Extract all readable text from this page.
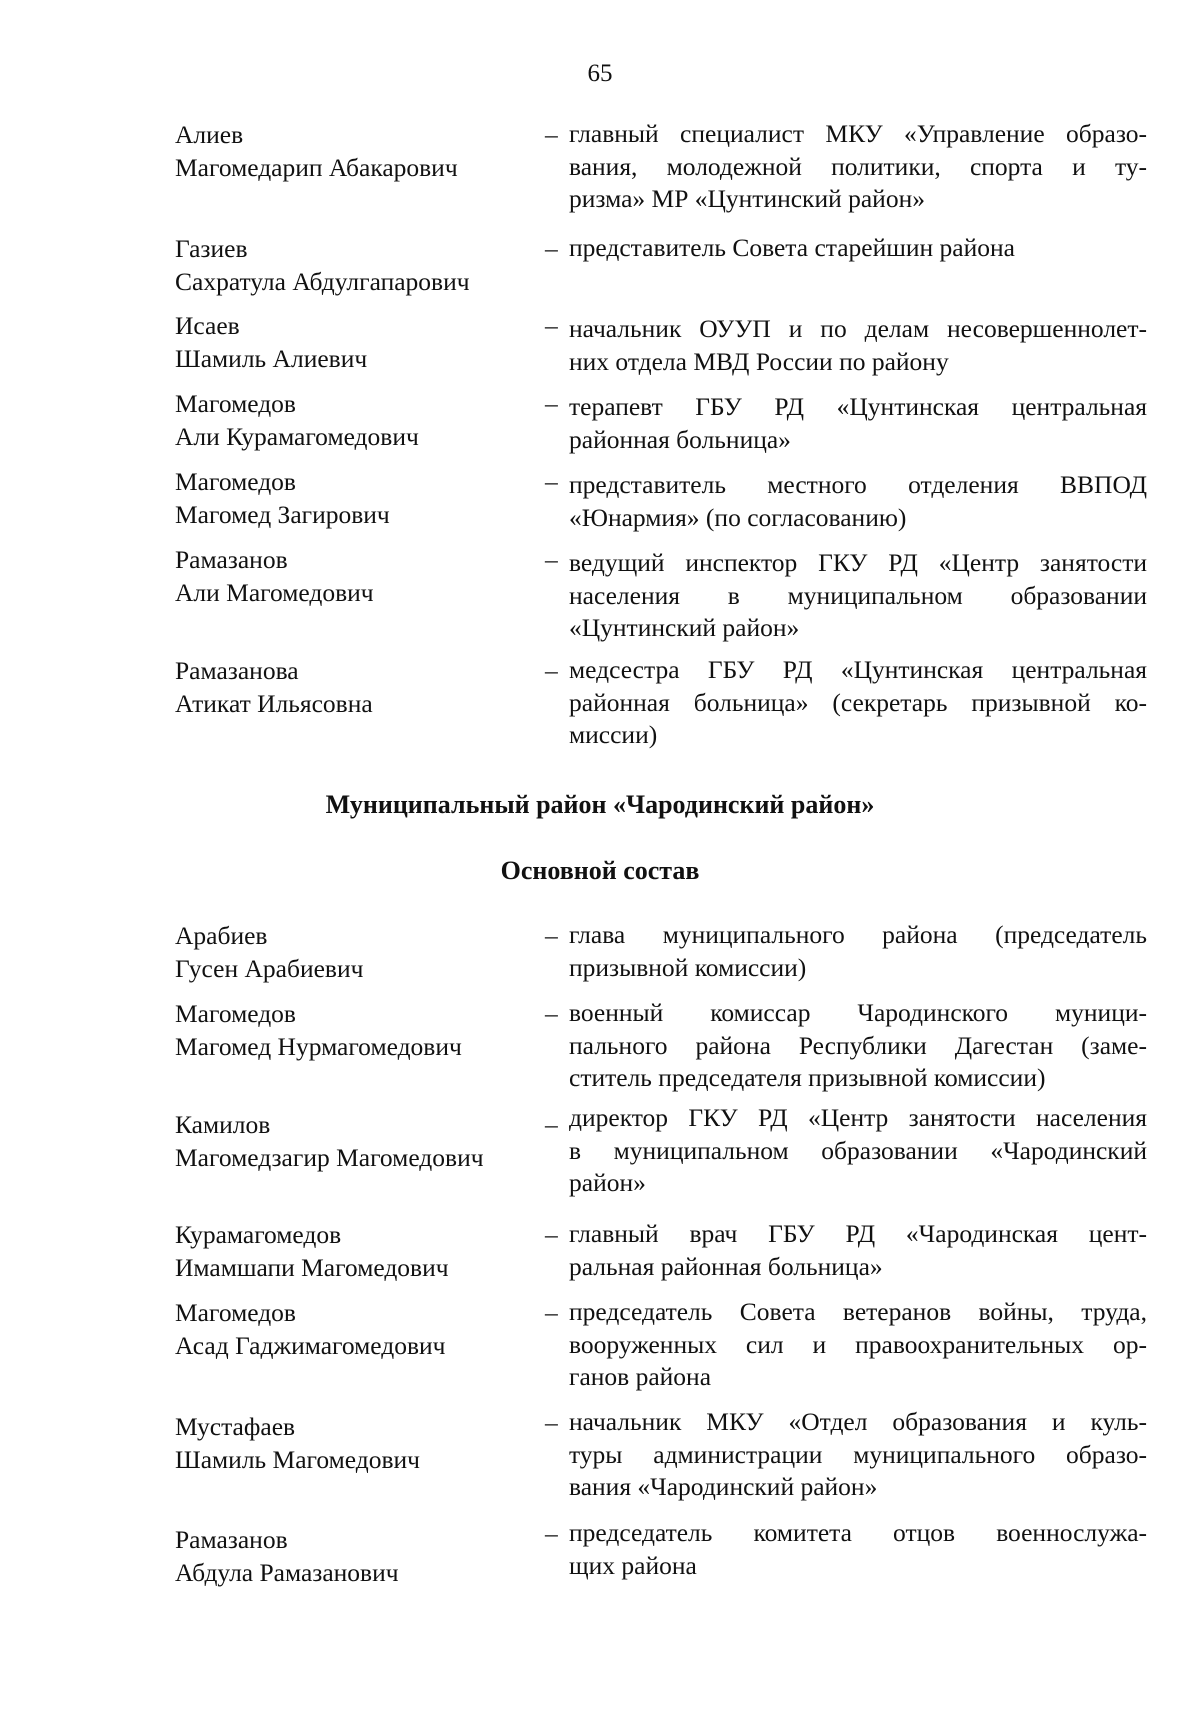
65
Алиев
Магомедарип Абакарович
– главный специалист МКУ «Управление образо-
вания, молодежной политики, спорта и ту-
ризма» МР «Цунтинский район»
Газиев
Сахратула Абдулгапарович
– представитель Совета старейшин района
Исаев
Шамиль Алиевич
– начальник ОУУП и по делам несовершеннолет-
них отдела МВД России по району
Магомедов
Али Курамагомедович
– терапевт ГБУ РД «Цунтинская центральная
районная больница»
Магомедов
Магомед Загирович
– представитель местного отделения ВВПОД
«Юнармия» (по согласованию)
Рамазанов
Али Магомедович
– ведущий инспектор ГКУ РД «Центр занятости
населения в муниципальном образовании
«Цунтинский район»
Рамазанова
Атикат Ильясовна
– медсестра ГБУ РД «Цунтинская центральная
районная больница» (секретарь призывной ко-
миссии)
Муниципальный район «Чародинский район»
Основной состав
Арабиев
Гусен Арабиевич
– глава муниципального района (председатель
призывной комиссии)
Магомедов
Магомед Нурмагомедович
– военный комиссар Чародинского муници-
пального района Республики Дагестан (заме-
ститель председателя призывной комиссии)
Камилов
Магомедзагир Магомедович
– директор ГКУ РД «Центр занятости населения
в муниципальном образовании «Чародинский
район»
Курамагомедов
Имамшапи Магомедович
– главный врач ГБУ РД «Чародинская цент-
ральная районная больница»
Магомедов
Асад Гаджимагомедович
– председатель Совета ветеранов войны, труда,
вооруженных сил и правоохранительных ор-
ганов района
Мустафаев
Шамиль Магомедович
– начальник МКУ «Отдел образования и куль-
туры администрации муниципального образо-
вания «Чародинский район»
Рамазанов
Абдула Рамазанович
– председатель комитета отцов военнослужа-
щих района
